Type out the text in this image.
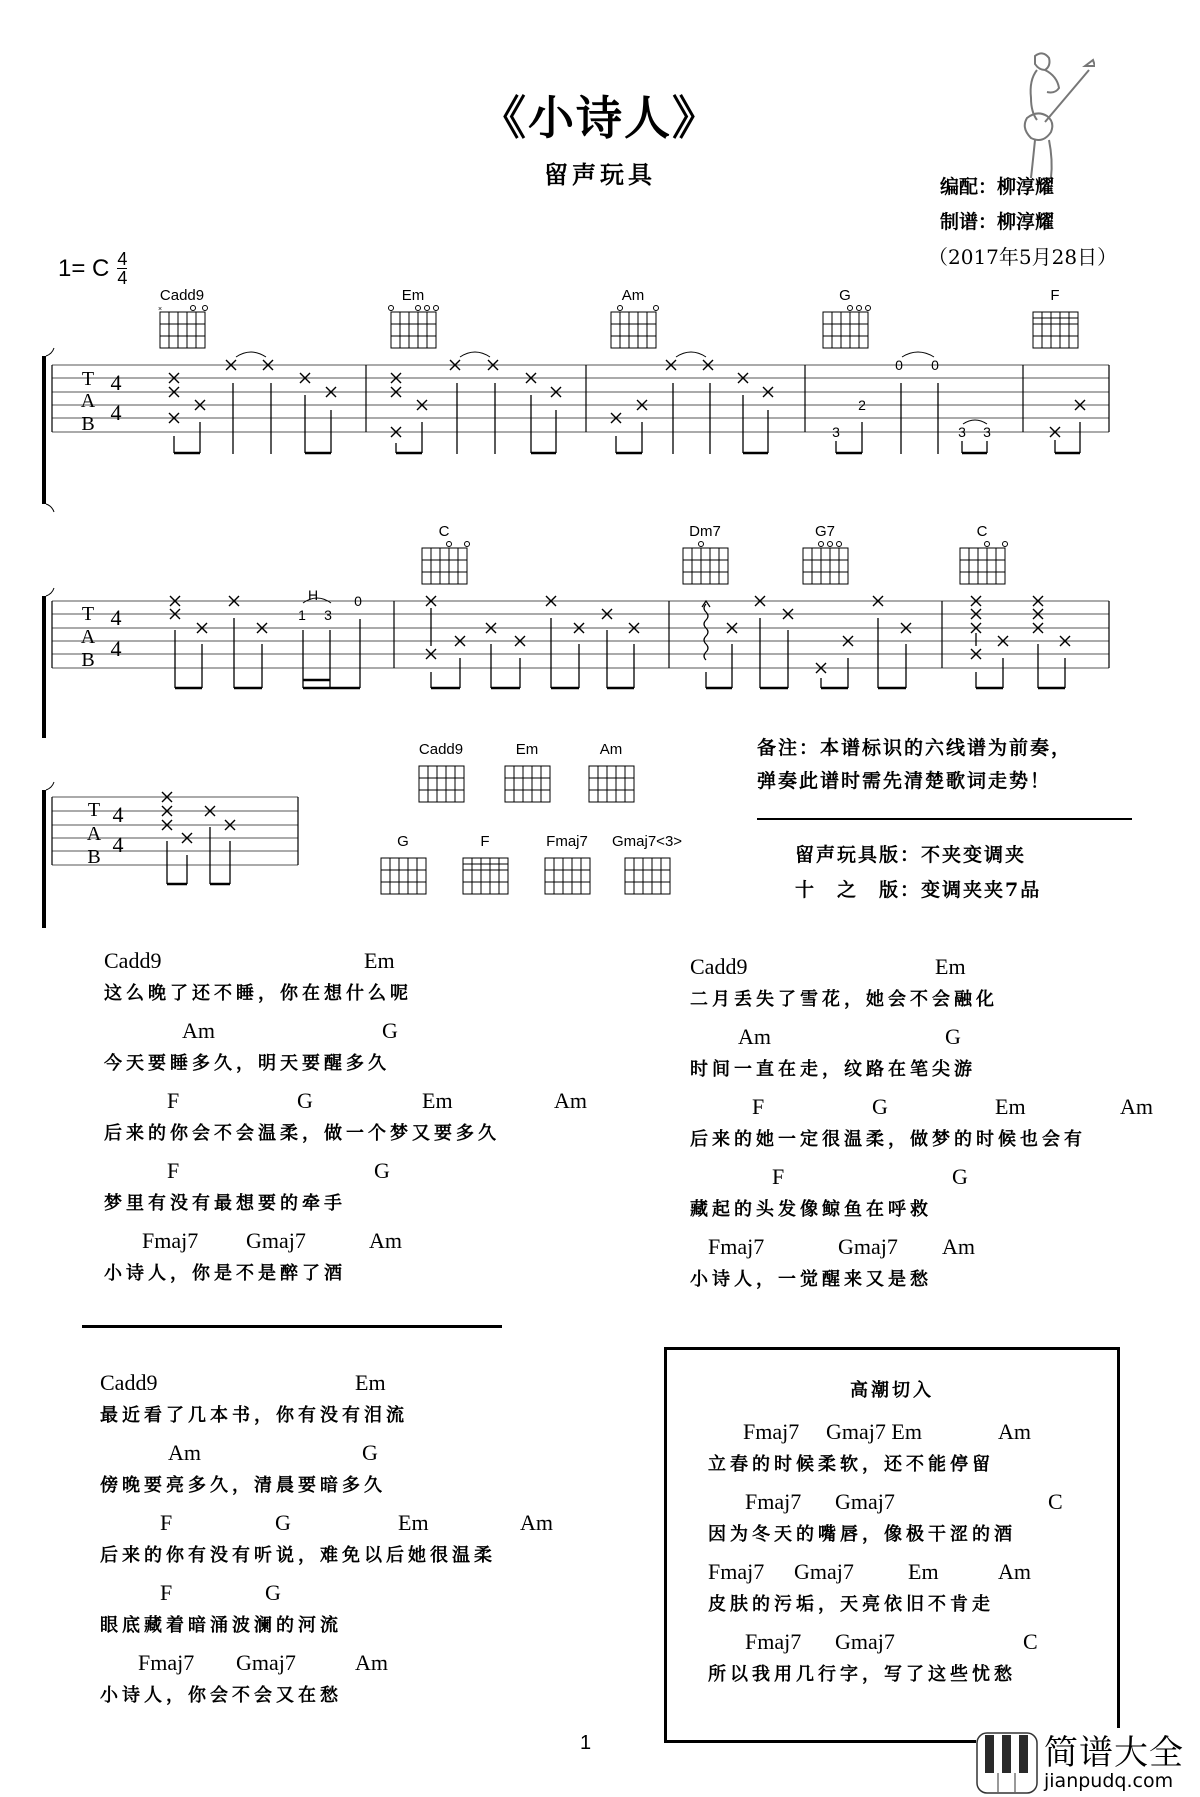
《小诗人》
留声玩具	编配：柳淳耀
制谱：柳淳耀
（2017年5月28日）
1= C $\frac{4}{4}$
T
A
B
4
4
0 0
2
3	3 3
T
A
B
4
4
H
1 3
0
T
A
B
4
4
Cadd9
×
Em	Am	G	F
C	Dm7	G7	C
Cadd9	Em	Am
G	F	Fmaj7	Gmaj7<3>
备注：本谱标识的六线谱为前奏，
弹奏此谱时需先清楚歌词走势！
留声玩具版：不夹变调夹
十　之　版：变调夹夹7品
Cadd9	Em
这么晚了还不睡，你在想什么呢
Am	G
今天要睡多久，明天要醒多久
F	G	Em	Am
后来的你会不会温柔，做一个梦又要多久
F	G
梦里有没有最想要的牵手
Fmaj7 Gmaj7	Am
小诗人，你是不是醉了酒
Cadd9	Em
二月丢失了雪花，她会不会融化
Am	G
时间一直在走，纹路在笔尖游
F	G	Em	Am
后来的她一定很温柔，做梦的时候也会有
F	G
藏起的头发像鲸鱼在呼救
Fmaj7	Gmaj7 Am
小诗人，一觉醒来又是愁
Cadd9	Em
最近看了几本书，你有没有泪流
Am	G
傍晚要亮多久，清晨要暗多久
F	G	Em	Am
后来的你有没有听说，难免以后她很温柔
F	G
眼底藏着暗涌波澜的河流
Fmaj7 Gmaj7	Am
小诗人，你会不会又在愁
高潮切入
Fmaj7 Gmaj7 Em	Am
立春的时候柔软，还不能停留
Fmaj7 Gmaj7	C
因为冬天的嘴唇，像极干涩的酒
Fmaj7 Gmaj7 Em	Am
皮肤的污垢，天亮依旧不肯走
Fmaj7 Gmaj7	C
所以我用几行字，写了这些忧愁
1	简谱大全
jianpudq.com
